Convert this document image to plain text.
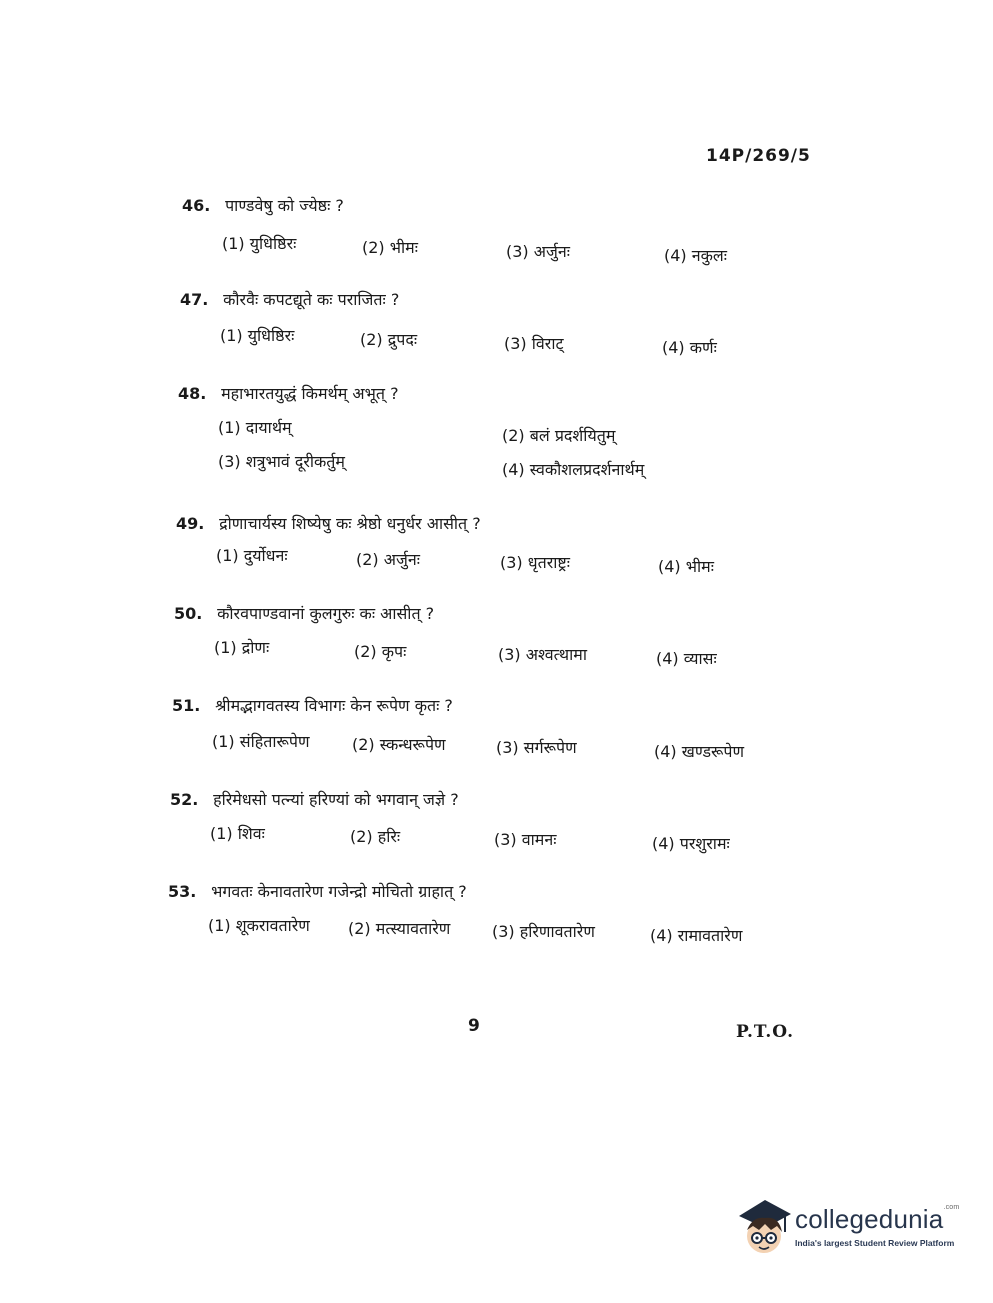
14P/269/5
46. पाण्डवेषु को ज्येष्ठः ?
(1) युधिष्ठिरः	(2) भीमः	(3) अर्जुनः	(4) नकुलः
47. कौरवैः कपटद्यूते कः पराजितः ?
(1) युधिष्ठिरः	(2) द्रुपदः	(3) विराट्	(4) कर्णः
48. महाभारतयुद्धं किमर्थम् अभूत् ?
(1) दायार्थम्	(2) बलं प्रदर्शयितुम्
(3) शत्रुभावं दूरीकर्तुम्	(4) स्वकौशलप्रदर्शनार्थम्
49. द्रोणाचार्यस्य शिष्येषु कः श्रेष्ठो धनुर्धर आसीत् ?
(1) दुर्योधनः	(2) अर्जुनः	(3) धृतराष्ट्रः	(4) भीमः
50. कौरवपाण्डवानां कुलगुरुः कः आसीत् ?
(1) द्रोणः	(2) कृपः	(3) अश्वत्थामा	(4) व्यासः
51. श्रीमद्भागवतस्य विभागः केन रूपेण कृतः ?
(1) संहितारूपेण	(2) स्कन्धरूपेण	(3) सर्गरूपेण	(4) खण्डरूपेण
52. हरिमेधसो पत्न्यां हरिण्यां को भगवान् जज्ञे ?
(1) शिवः	(2) हरिः	(3) वामनः	(4) परशुरामः
53. भगवतः केनावतारेण गजेन्द्रो मोचितो ग्राहात् ?
(1) शूकरावतारेण (2) मत्स्यावतारेण	(3) हरिणावतारेण	(4) रामावतारेण
9	P.T.O.
collegedunia$^{.com}$
India's largest Student Review Platform
